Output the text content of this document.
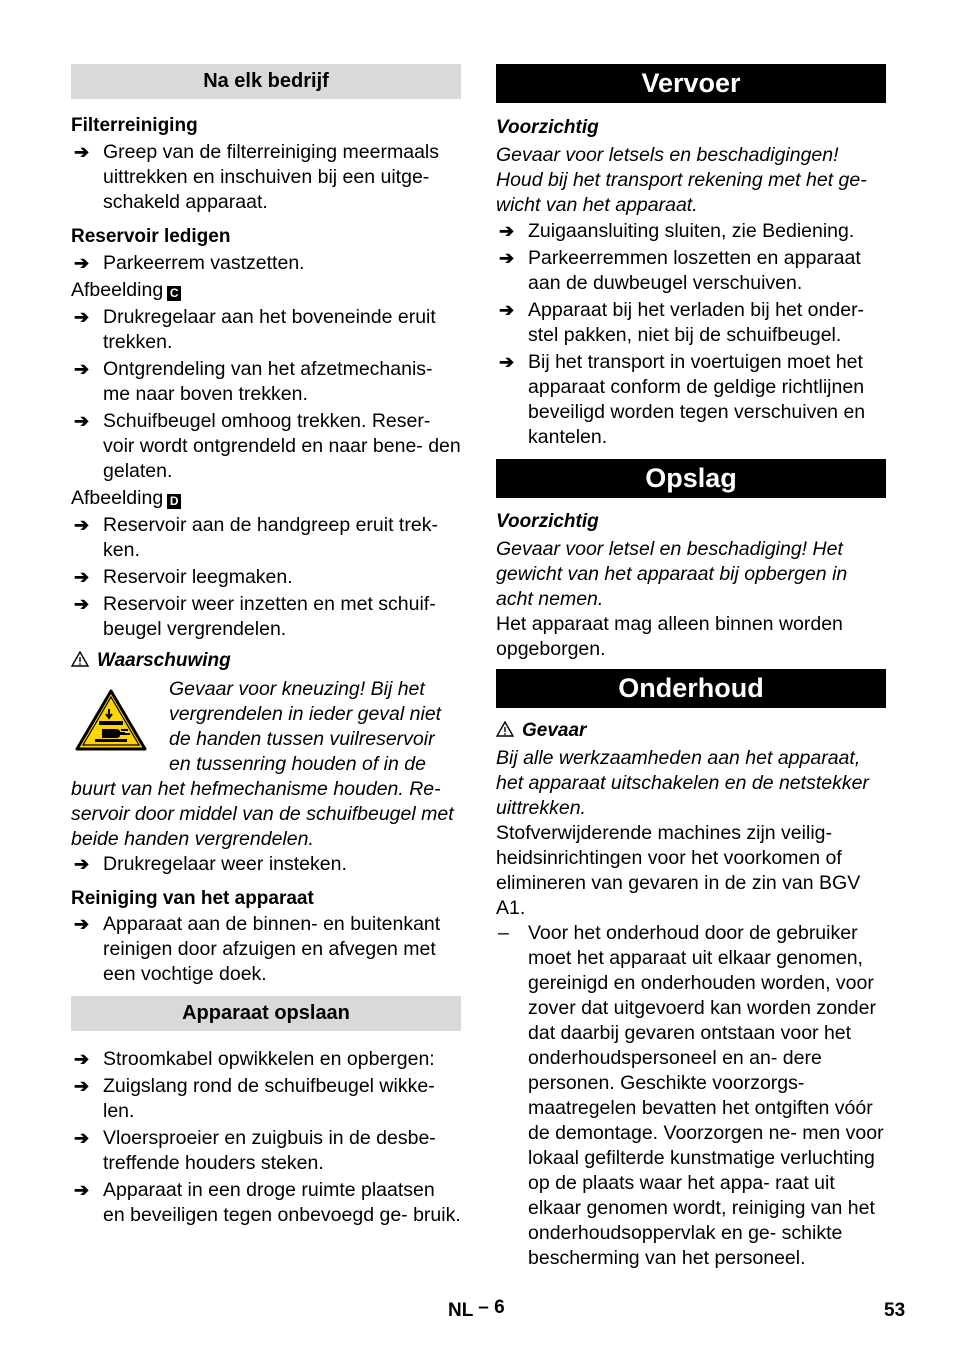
Na elk bedrijf
Filterreiniging
➔ Greep van de filterreiniging meermaals uittrekken en inschuiven bij een uitge- schakeld apparaat.
Reservoir ledigen
➔ Parkeerrem vastzetten.
Afbeelding C
➔ Drukregelaar aan het boveneinde eruit trekken.
➔ Ontgrendeling van het afzetmechanis- me naar boven trekken.
➔ Schuifbeugel omhoog trekken. Reser- voir wordt ontgrendeld en naar bene- den gelaten.
Afbeelding D
➔ Reservoir aan de handgreep eruit trek- ken.
➔ Reservoir leegmaken.
➔ Reservoir weer inzetten en met schuif- beugel vergrendelen.
Waarschuwing
Gevaar voor kneuzing! Bij het
vergrendelen in ieder geval niet
de handen tussen vuilreservoir
en tussenring houden of in de
buurt van het hefmechanisme houden. Re- servoir door middel van de schuifbeugel met beide handen vergrendelen.
➔ Drukregelaar weer insteken.
Reiniging van het apparaat
➔ Apparaat aan de binnen- en buitenkant reinigen door afzuigen en afvegen met een vochtige doek.
Apparaat opslaan
➔ Stroomkabel opwikkelen en opbergen:
➔ Zuigslang rond de schuifbeugel wikke- len.
➔ Vloersproeier en zuigbuis in de desbe- treffende houders steken.
➔ Apparaat in een droge ruimte plaatsen en beveiligen tegen onbevoegd ge- bruik.
Vervoer
Voorzichtig
Gevaar voor letsels en beschadigingen! Houd bij het transport rekening met het ge- wicht van het apparaat.
➔ Zuigaansluiting sluiten, zie Bediening.
➔ Parkeerremmen loszetten en apparaat aan de duwbeugel verschuiven.
➔ Apparaat bij het verladen bij het onder- stel pakken, niet bij de schuifbeugel.
➔ Bij het transport in voertuigen moet het apparaat conform de geldige richtlijnen beveiligd worden tegen verschuiven en kantelen.
Opslag
Voorzichtig
Gevaar voor letsel en beschadiging! Het gewicht van het apparaat bij opbergen in acht nemen.
Het apparaat mag alleen binnen worden opgeborgen.
Onderhoud
Gevaar
Bij alle werkzaamheden aan het apparaat, het apparaat uitschakelen en de netstekker uittrekken.
Stofverwijderende machines zijn veilig- heidsinrichtingen voor het voorkomen of elimineren van gevaren in de zin van BGV A1.
– Voor het onderhoud door de gebruiker moet het apparaat uit elkaar genomen, gereinigd en onderhouden worden, voor zover dat uitgevoerd kan worden zonder dat daarbij gevaren ontstaan voor het onderhoudspersoneel en an- dere personen. Geschikte voorzorgs- maatregelen bevatten het ontgiften vóór de demontage. Voorzorgen ne- men voor lokaal gefilterde kunstmatige verluchting op de plaats waar het appa- raat uit elkaar genomen wordt, reiniging van het onderhoudsoppervlak en ge- schikte bescherming van het personeel.
NL – 6	53
